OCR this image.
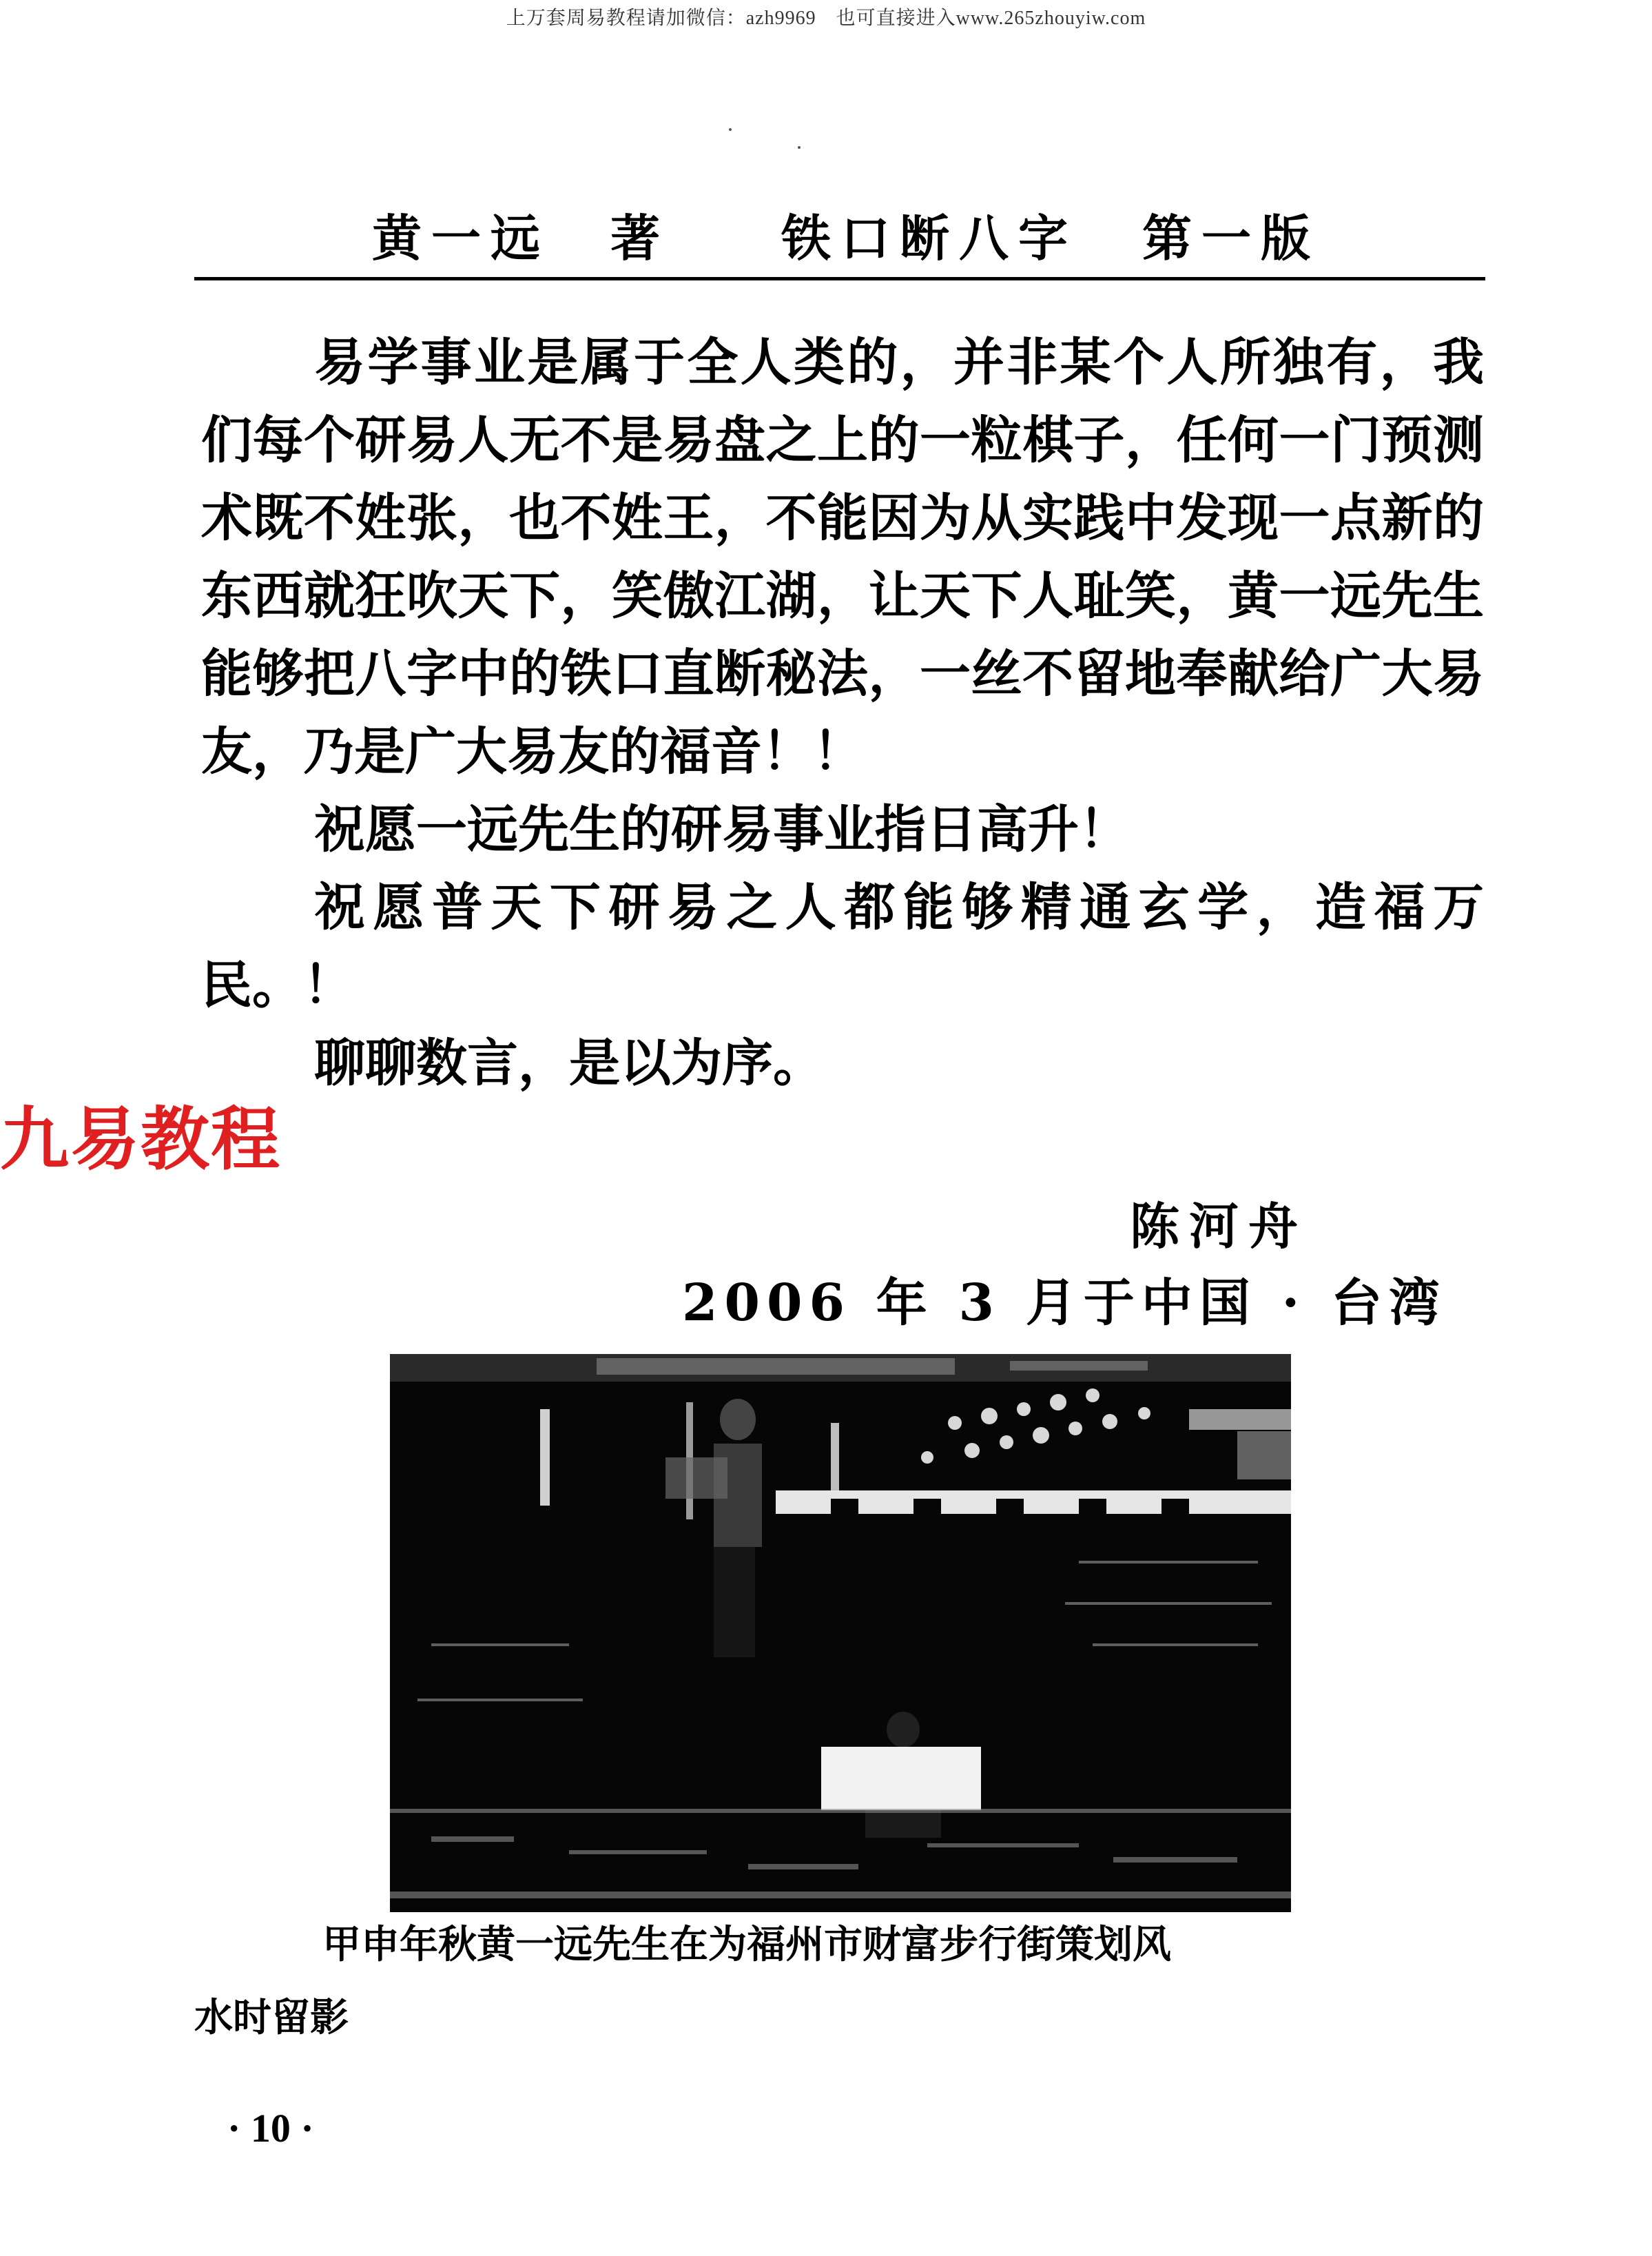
上万套周易教程请加微信：azh9969　也可直接进入www.265zhouyiw.com
黄一远 著 铁口断八字 第一版

易学事业是属于全人类的，并非某个人所独有，我们每个研易人无不是易盘之上的一粒棋子，任何一门预测术既不姓张，也不姓王，不能因为从实践中发现一点新的东西就狂吹天下，笑傲江湖，让天下人耻笑，黄一远先生能够把八字中的铁口直断秘法，一丝不留地奉献给广大易友，乃是广大易友的福音！！

祝愿一远先生的研易事业指日高升！

祝愿普天下研易之人都能够精通玄学，造福万民。！

聊聊数言，是以为序。

九易教程
陈河舟
2006 年 3 月于中国 · 台湾

甲申年秋黄一远先生在为福州市财富步行街策划风

水时留影

· 10 ·
